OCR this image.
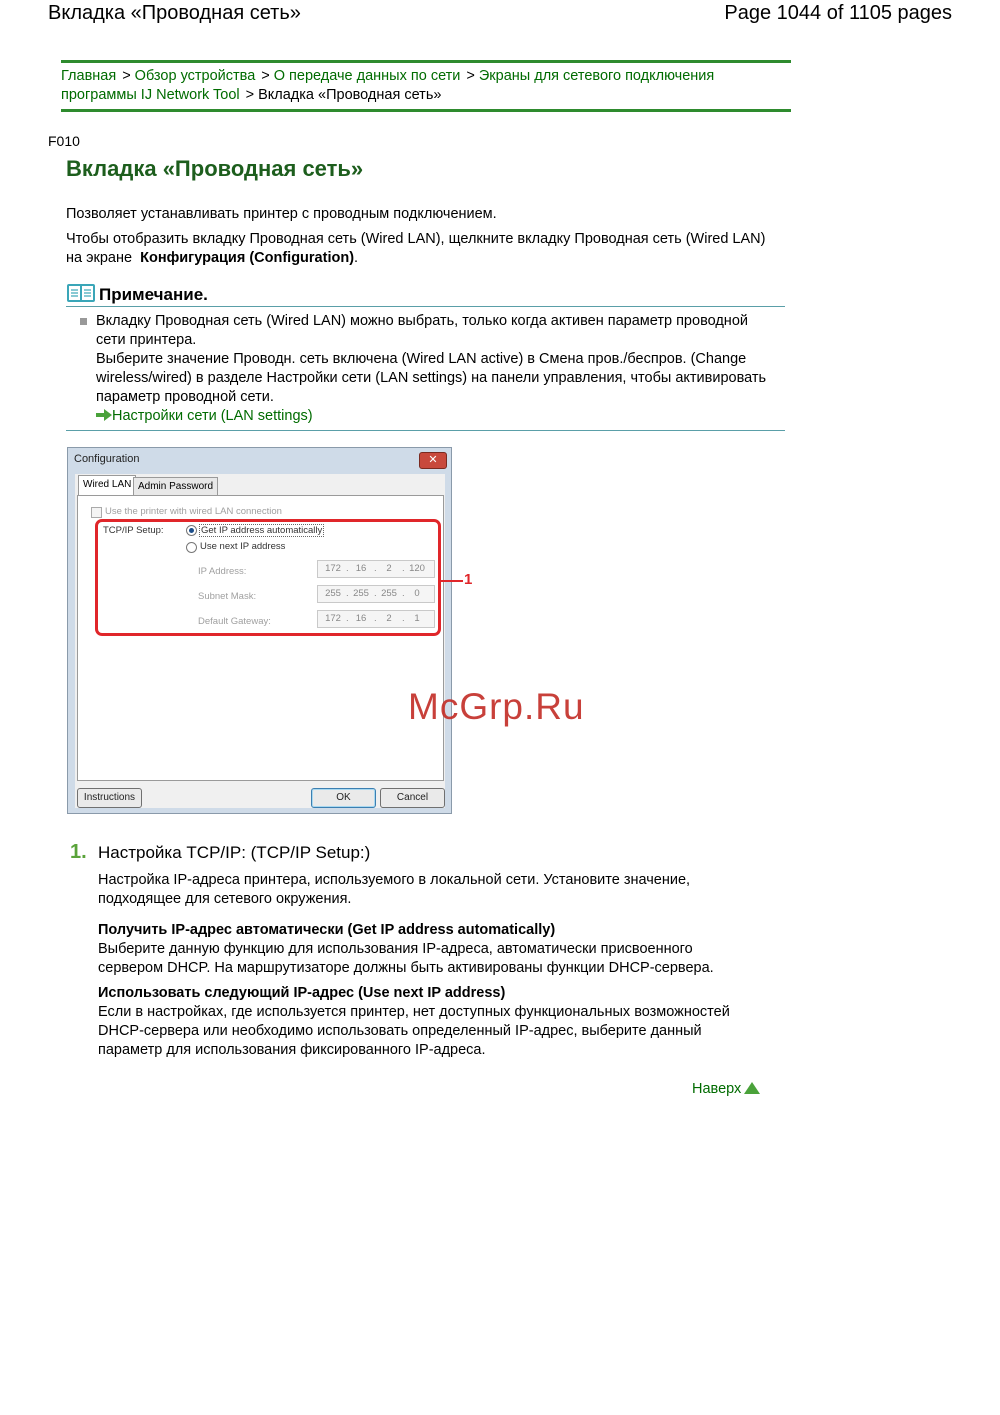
Вкладка «Проводная сеть»	Page 1044 of 1105 pages
Главная > Обзор устройства > О передаче данных по сети > Экраны для сетевого подключения программы IJ Network Tool > Вкладка «Проводная сеть»
F010
Вкладка «Проводная сеть»

Позволяет устанавливать принтер с проводным подключением.

Чтобы отобразить вкладку Проводная сеть (Wired LAN), щелкните вкладку Проводная сеть (Wired LAN) на экране Конфигурация (Configuration).

Примечание.
Вкладку Проводная сеть (Wired LAN) можно выбрать, только когда активен параметр проводной сети принтера.
Выберите значение Проводн. сеть включена (Wired LAN active) в Смена пров./беспров. (Change wireless/wired) в разделе Настройки сети (LAN settings) на панели управления, чтобы активировать параметр проводной сети.
Настройки сети (LAN settings)
Configuration	✕
Wired LAN Admin Password
Use the printer with wired LAN connection
TCP/IP Setup:	Get IP address automatically
Use next IP address
IP Address:	172 . 16 .	2	. 120
Subnet Mask:	255 . 255 . 255 .	0
Default Gateway:	172 . 16 .	2	.	1
Instructions	OK	Cancel
1
McGrp.Ru
1. Настройка TCP/IP: (TCP/IP Setup:)

Настройка IP-адреса принтера, используемого в локальной сети. Установите значение, подходящее для сетевого окружения.

Получить IP-адрес автоматически (Get IP address automatically)

Выберите данную функцию для использования IP-адреса, автоматически присвоенного сервером DHCP. На маршрутизаторе должны быть активированы функции DHCP-сервера.

Использовать следующий IP-адрес (Use next IP address)

Если в настройках, где используется принтер, нет доступных функциональных возможностей DHCP-сервера или необходимо использовать определенный IP-адрес, выберите данный параметр для использования фиксированного IP-адреса.

Наверх
